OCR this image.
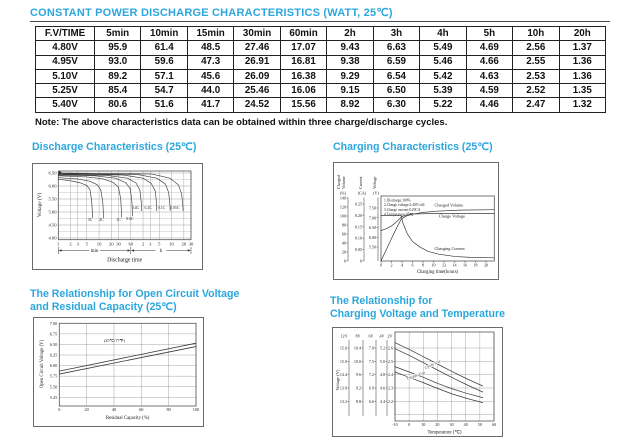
CONSTANT POWER DISCHARGE CHARACTERISTICS (WATT, 25℃)
F.V/TIME	5min	10min	15min	30min	60min	2h	3h	4h	5h	10h	20h
4.80V	95.9	61.4	48.5	27.46	17.07	9.43	6.63	5.49	4.69	2.56	1.37
4.95V	93.0	59.6	47.3	26.91	16.81	9.38	6.59	5.46	4.66	2.55	1.36
5.10V	89.2	57.1	45.6	26.09	16.38	9.29	6.54	5.42	4.63	2.53	1.36
5.25V	85.4	54.7	44.0	25.46	16.06	9.15	6.50	5.39	4.59	2.52	1.35
5.40V	80.6	51.6	41.7	24.52	15.56	8.92	6.30	5.22	4.46	2.47	1.32
Note: The above characteristics data can be obtained within three charge/discharge cycles.
Discharge Characteristics (25℃)	Charging Characteristics (25℃)
The Relationship for Open Circuit Voltage
and Residual Capacity (25℃)	The Relationship for
Charging Voltage and Temperature
6.50
6.00
5.50
5.00
4.50
4.00
Voltage (V)
1 2 3 5 10 20 30 60 2 3 5 10 20 30
min	h
Discharge time
3C 2C	1C 0.6C
0.4C 0.2C 0.1C 0.05C
Charged Volume	Current Voltage
(%)	(CA) (V)
0
20
40
60
80
100
120
140
0
0.05
0.10
0.15
0.20
0.25
5.50
6.00
6.50
7.00
7.50
0 2 4 6 8 10 12 14 16 18 20
Charging time(hours)
1.Discharge:100%
2.Charge voltage:2.40V/cell
3.Charge current:0.20CA
4.Temperature:25℃
Charged Volume
Charge Voltage
Charging Current
7.00
6.75
6.50
6.25
6.00
5.75
5.50
5.25
0	20	40	60	80	100
Open Circuit Voltage (V)
Residual Capacity (%)
(25℃/77℉)
Voltage (V)
12V
15.6
15.0
14.4
13.8
13.2
8V
10.4
10.0
9.6
9.2
8.8
6V
7.8
7.5
7.2
6.9
6.6
4V
5.2
5.0
4.8
4.6
4.4
2V
2.6
2.5
2.4
2.3
2.2
-10	0	10 20 30 40 50 60
Temperature (℃)
Cycle Use
Trickle Use
